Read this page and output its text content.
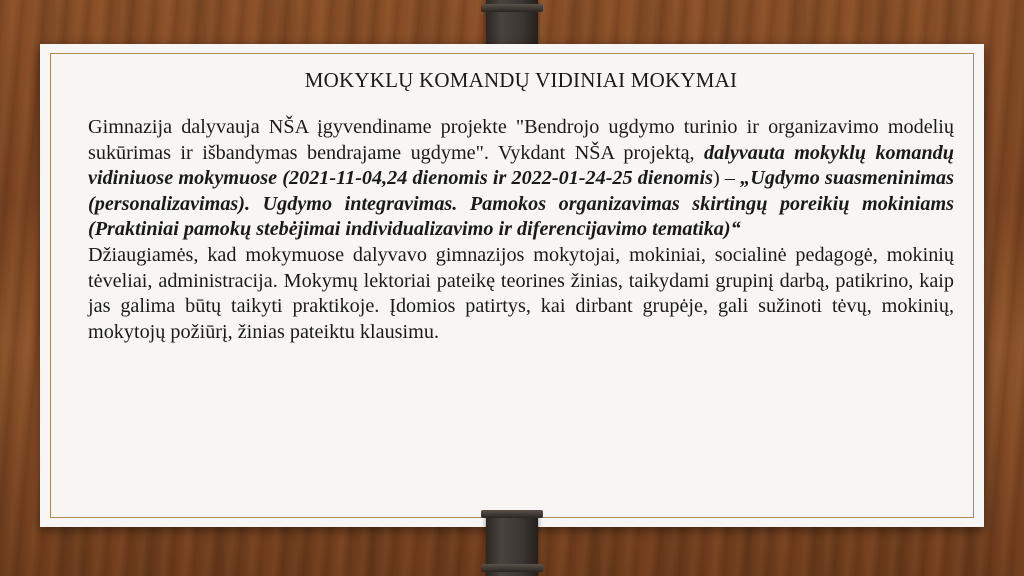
MOKYKLŲ KOMANDŲ VIDINIAI MOKYMAI

Gimnazija dalyvauja NŠA įgyvendiname projekte "Bendrojo ugdymo turinio ir organizavimo modelių sukūrimas ir išbandymas bendrajame ugdyme". Vykdant NŠA projektą, dalyvauta mokyklų komandų vidiniuose mokymuose (2021-11-04,24 dienomis ir 2022-01-24-25 dienomis) – „Ugdymo suasmeninimas (personalizavimas). Ugdymo integravimas. Pamokos organizavimas skirtingų poreikių mokiniams (Praktiniai pamokų stebėjimai individualizavimo ir diferencijavimo tematika)“

Džiaugiamės, kad mokymuose dalyvavo gimnazijos mokytojai, mokiniai, socialinė pedagogė, mokinių tėveliai, administracija. Mokymų lektoriai pateikę teorines žinias, taikydami grupinį darbą, patikrino, kaip jas galima būtų taikyti praktikoje. Įdomios patirtys, kai dirbant grupėje, gali sužinoti tėvų, mokinių, mokytojų požiūrį, žinias pateiktu klausimu.
